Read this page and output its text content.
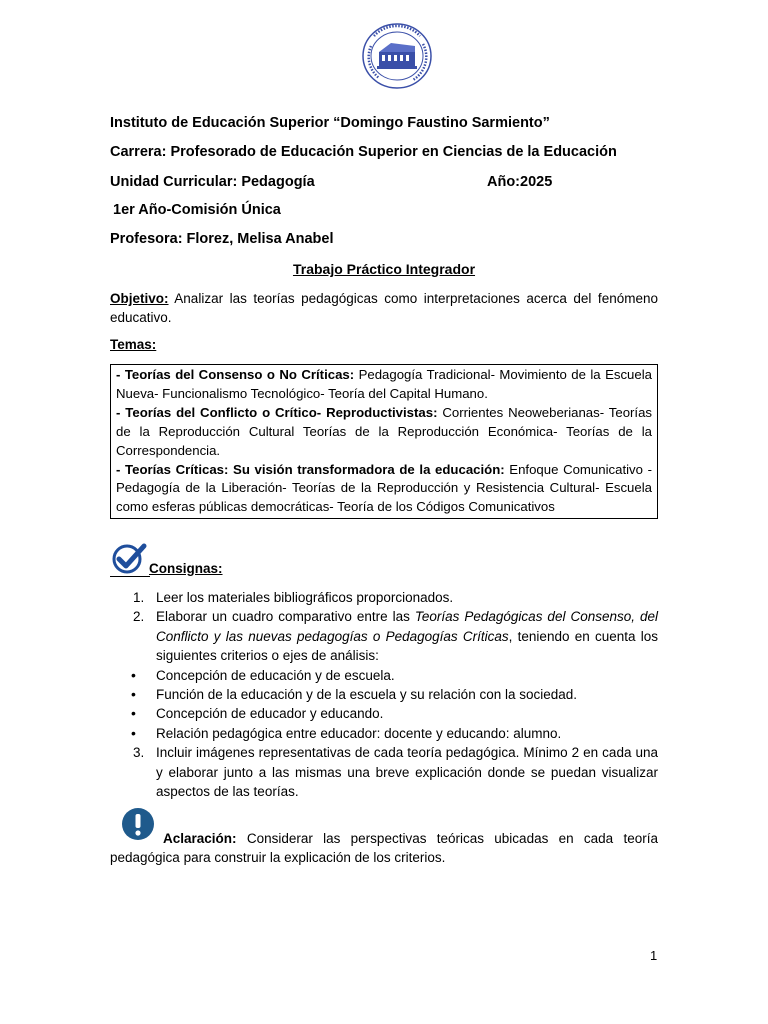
Instituto de Educación Superior “Domingo Faustino Sarmiento”
Carrera: Profesorado de Educación Superior en Ciencias de la Educación
Unidad Curricular: Pedagogía	Año:2025
1er Año-Comisión Única
Profesora: Florez, Melisa Anabel
Trabajo Práctico Integrador
Objetivo: Analizar las teorías pedagógicas como interpretaciones acerca del fenómeno educativo.
Temas:

- Teorías del Consenso o No Críticas: Pedagogía Tradicional- Movimiento de la Escuela Nueva- Funcionalismo Tecnológico- Teoría del Capital Humano.

- Teorías del Conflicto o Crítico- Reproductivistas: Corrientes Neoweberianas- Teorías de la Reproducción Cultural Teorías de la Reproducción Económica- Teorías de la Correspondencia.

- Teorías Críticas: Su visión transformadora de la educación: Enfoque Comunicativo - Pedagogía de la Liberación- Teorías de la Reproducción y Resistencia Cultural- Escuela como esferas públicas democráticas- Teoría de los Códigos Comunicativos

Consignas:
1. Leer los materiales bibliográficos proporcionados.
2. Elaborar un cuadro comparativo entre las Teorías Pedagógicas del Consenso, del Conflicto y las nuevas pedagogías o Pedagogías Críticas, teniendo en cuenta los siguientes criterios o ejes de análisis:
• Concepción de educación y de escuela.
• Función de la educación y de la escuela y su relación con la sociedad.
• Concepción de educador y educando.
• Relación pedagógica entre educador: docente y educando: alumno.
3. Incluir imágenes representativas de cada teoría pedagógica. Mínimo 2 en cada una y elaborar junto a las mismas una breve explicación donde se puedan visualizar aspectos de las teorías.
Aclaración: Considerar las perspectivas teóricas ubicadas en cada teoría pedagógica para construir la explicación de los criterios.
1
